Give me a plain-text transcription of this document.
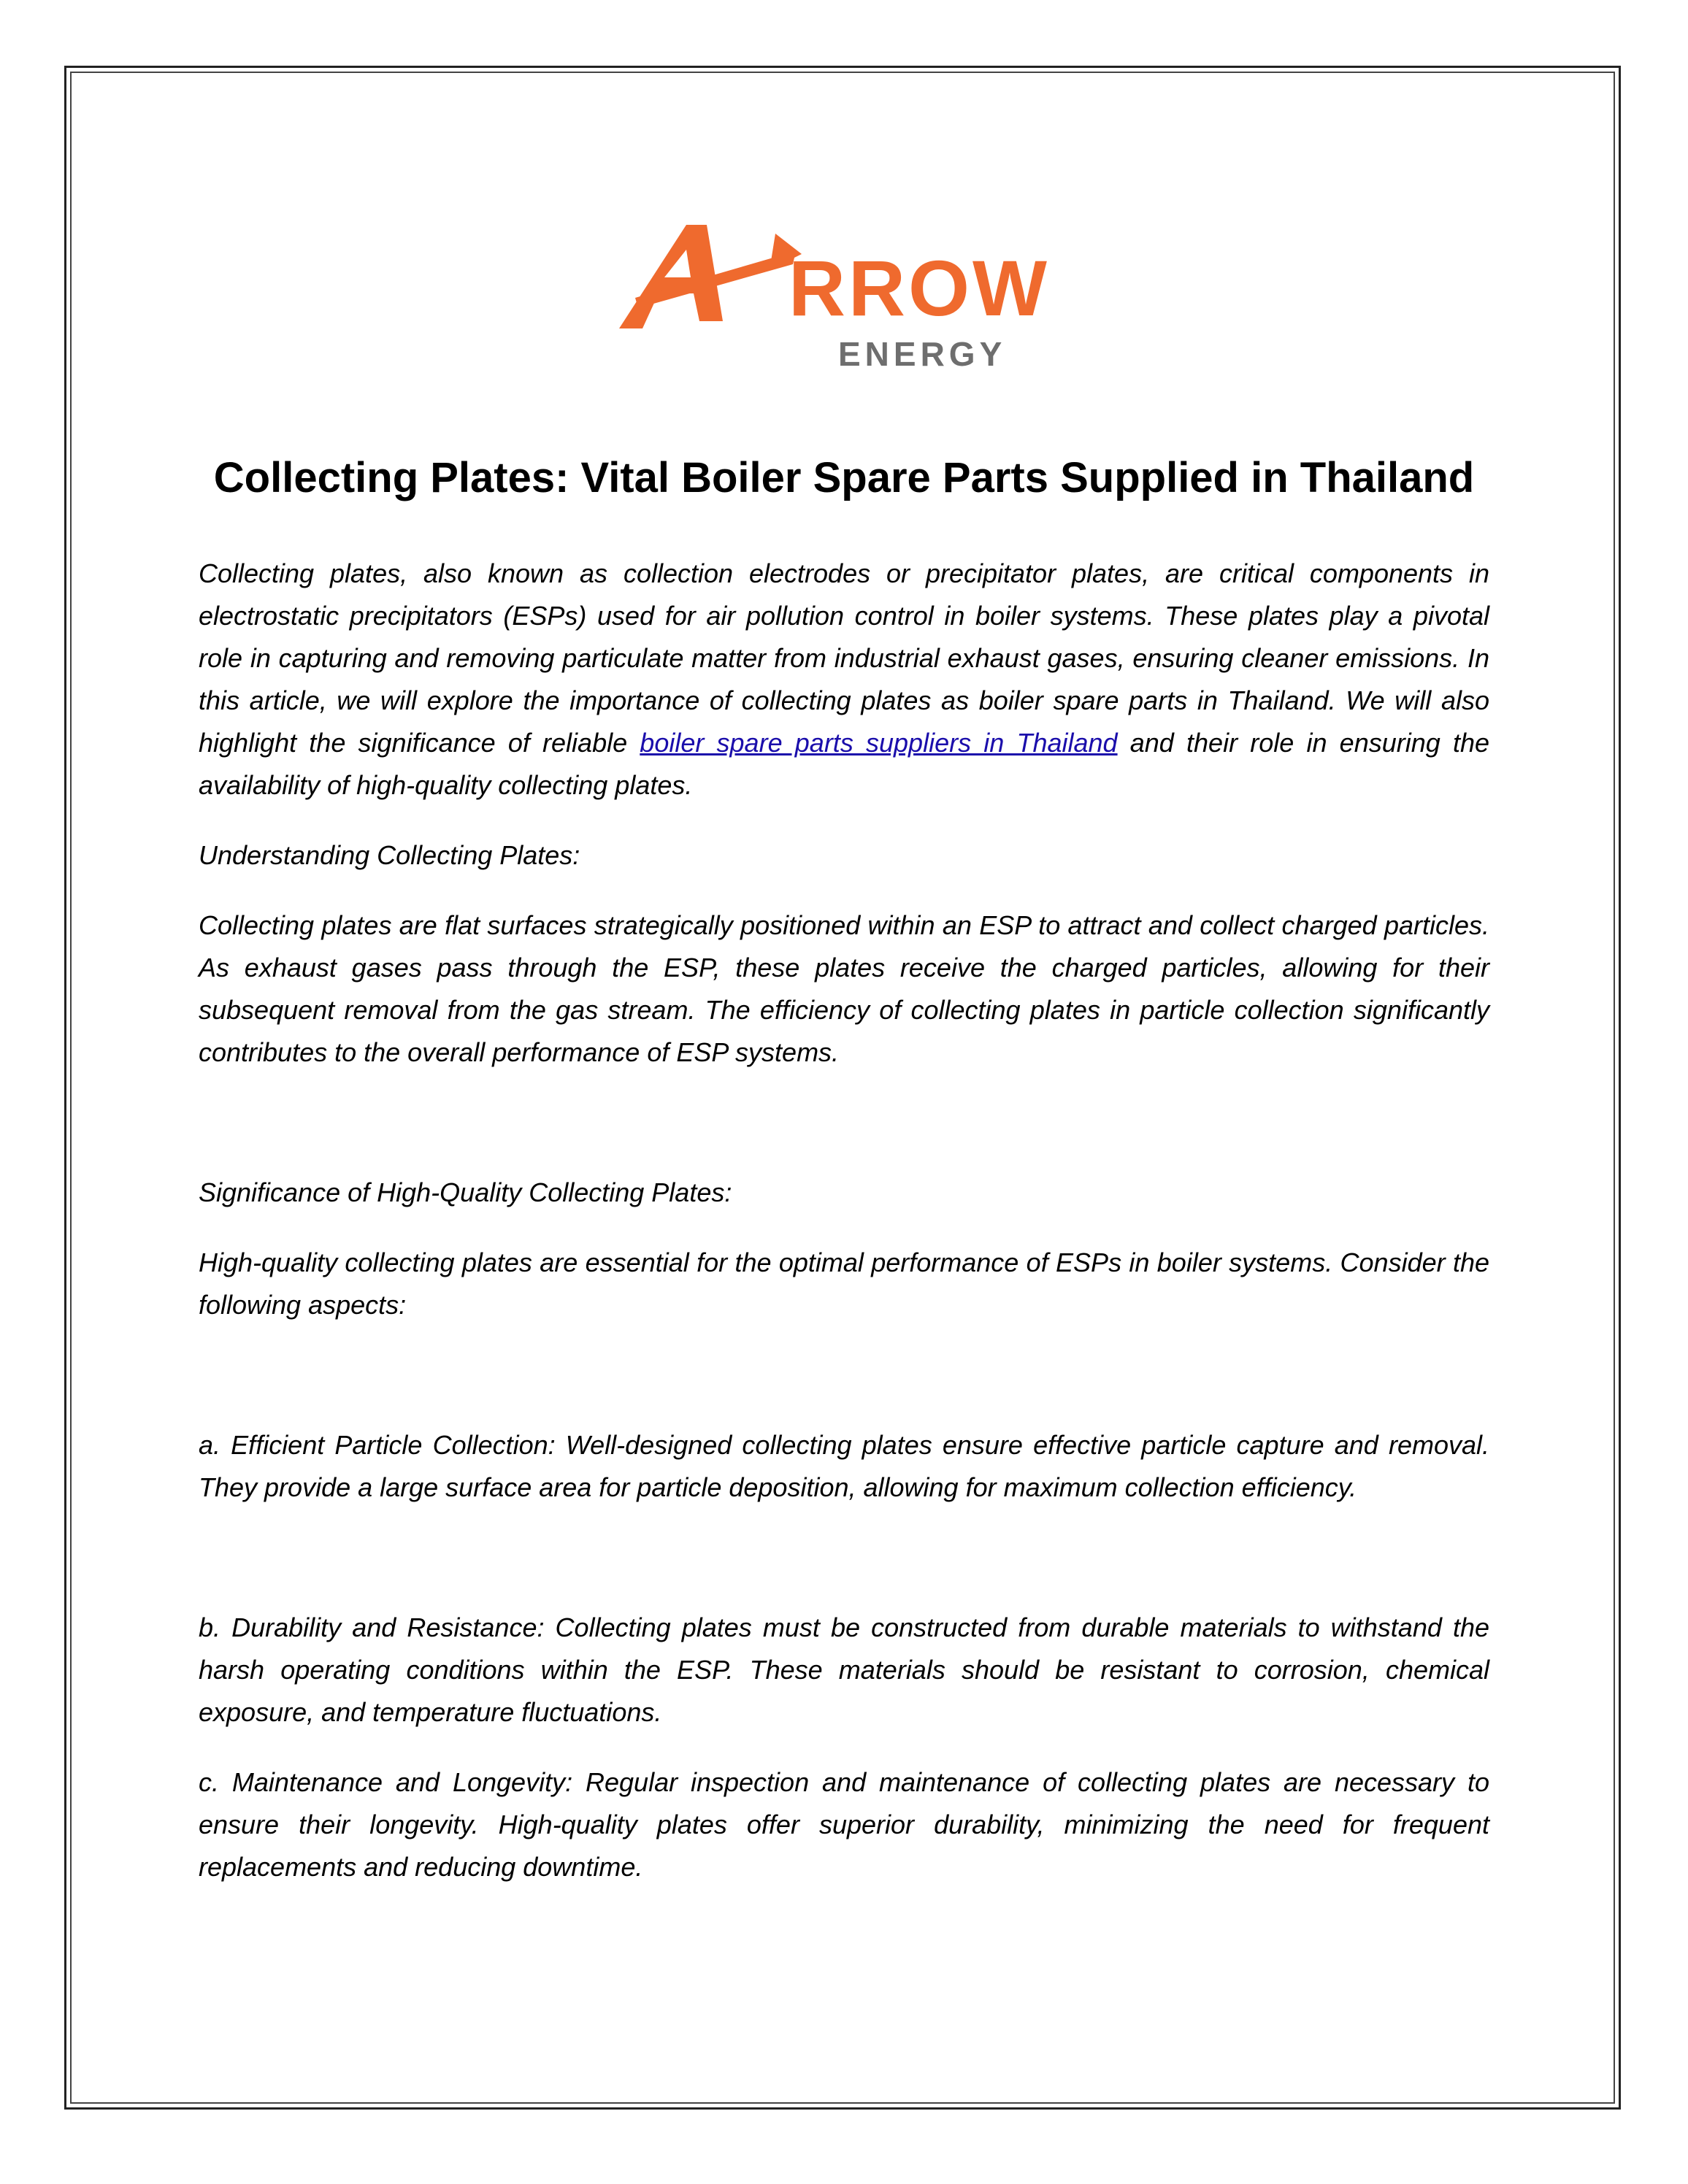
RROW
ENERGY
Collecting Plates: Vital Boiler Spare Parts Supplied in Thailand

Collecting plates, also known as collection electrodes or precipitator plates, are critical components in electrostatic precipitators (ESPs) used for air pollution control in boiler systems. These plates play a pivotal role in capturing and removing particulate matter from industrial exhaust gases, ensuring cleaner emissions. In this article, we will explore the importance of collecting plates as boiler spare parts in Thailand. We will also highlight the significance of reliable boiler spare parts suppliers in Thailand and their role in ensuring the availability of high-quality collecting plates.

Understanding Collecting Plates:

Collecting plates are flat surfaces strategically positioned within an ESP to attract and collect charged particles. As exhaust gases pass through the ESP, these plates receive the charged particles, allowing for their subsequent removal from the gas stream. The efficiency of collecting plates in particle collection significantly contributes to the overall performance of ESP systems.

Significance of High-Quality Collecting Plates:

High-quality collecting plates are essential for the optimal performance of ESPs in boiler systems. Consider the following aspects:

a. Efficient Particle Collection: Well-designed collecting plates ensure effective particle capture and removal. They provide a large surface area for particle deposition, allowing for maximum collection efficiency.

b. Durability and Resistance: Collecting plates must be constructed from durable materials to withstand the harsh operating conditions within the ESP. These materials should be resistant to corrosion, chemical exposure, and temperature fluctuations.

c. Maintenance and Longevity: Regular inspection and maintenance of collecting plates are necessary to ensure their longevity. High-quality plates offer superior durability, minimizing the need for frequent replacements and reducing downtime.
